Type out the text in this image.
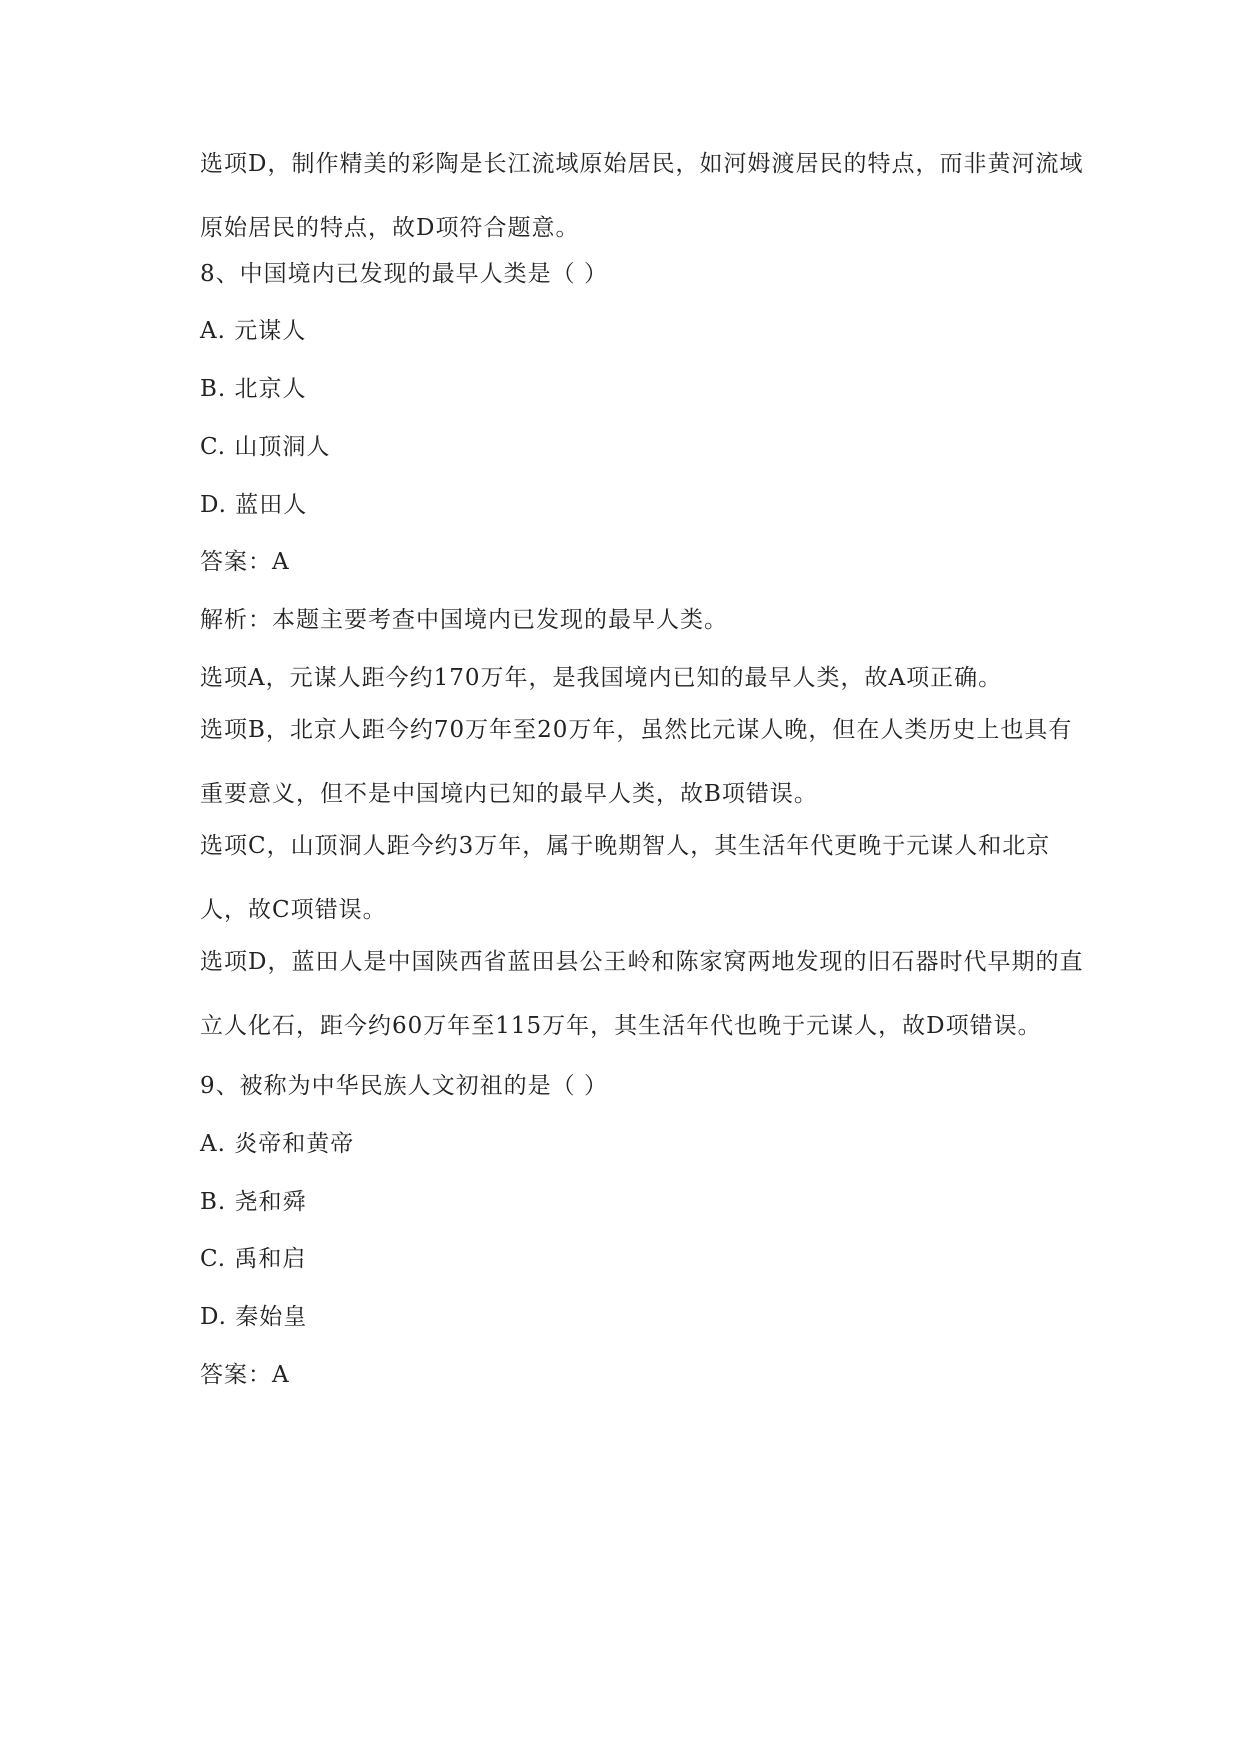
选项D，制作精美的彩陶是长江流域原始居民，如河姆渡居民的特点，而非黄河流域原始居民的特点，故D项符合题意。

8、中国境内已发现的最早人类是（ ）

A. 元谋人

B. 北京人

C. 山顶洞人

D. 蓝田人

答案：A

解析：本题主要考查中国境内已发现的最早人类。

选项A，元谋人距今约170万年，是我国境内已知的最早人类，故A项正确。

选项B，北京人距今约70万年至20万年，虽然比元谋人晚，但在人类历史上也具有重要意义，但不是中国境内已知的最早人类，故B项错误。

选项C，山顶洞人距今约3万年，属于晚期智人，其生活年代更晚于元谋人和北京人，故C项错误。

选项D，蓝田人是中国陕西省蓝田县公王岭和陈家窝两地发现的旧石器时代早期的直立人化石，距今约60万年至115万年，其生活年代也晚于元谋人，故D项错误。

9、被称为中华民族人文初祖的是（ ）

A. 炎帝和黄帝

B. 尧和舜

C. 禹和启

D. 秦始皇

答案：A
